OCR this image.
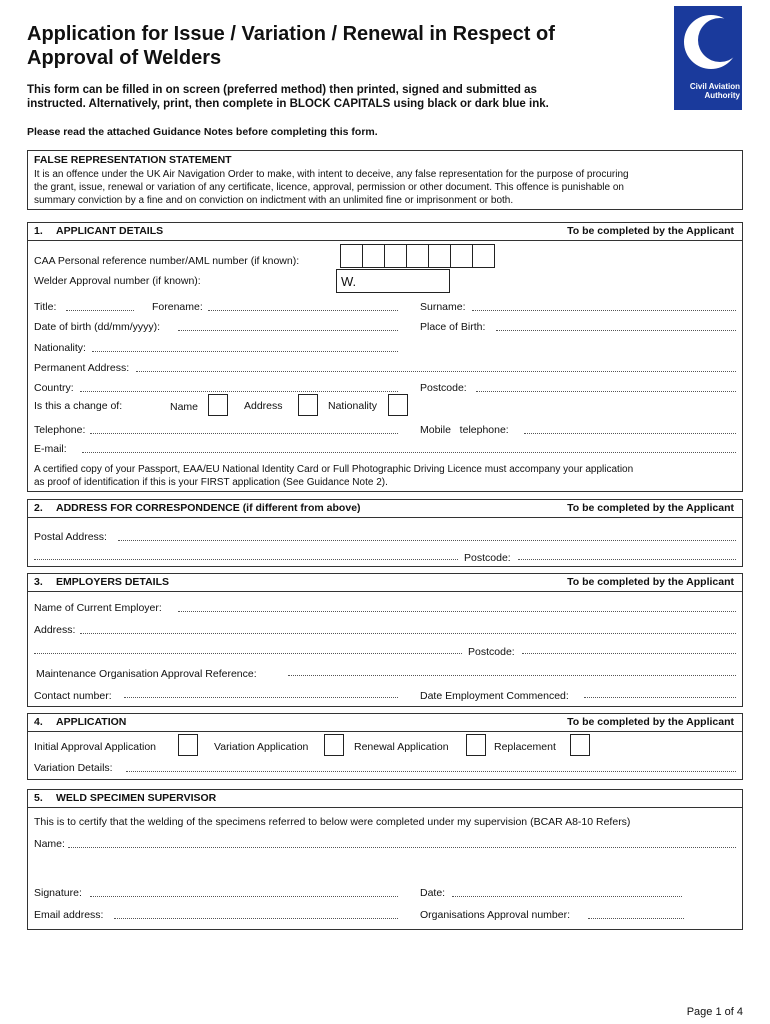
Application for Issue / Variation / Renewal in Respect of
Approval of Welders
Civil Aviation
Authority
This form can be filled in on screen (preferred method) then printed, signed and submitted as
instructed. Alternatively, print, then complete in BLOCK CAPITALS using black or dark blue ink.
Please read the attached Guidance Notes before completing this form.
FALSE REPRESENTATION STATEMENT
It is an offence under the UK Air Navigation Order to make, with intent to deceive, any false representation for the purpose of procuring
the grant, issue, renewal or variation of any certificate, licence, approval, permission or other document. This offence is punishable on
summary conviction by a fine and on conviction on indictment with an unlimited fine or imprisonment or both.
1. APPLICANT DETAILS	To be completed by the Applicant
CAA Personal reference number/AML number (if known):
Welder Approval number (if known):	W.
Title:	Forename:	Surname:
Date of birth (dd/mm/yyyy):	Place of Birth:
Nationality:
Permanent Address:
Country:	Postcode:
Is this a change of:	Name	Address	Nationality
Telephone:	Mobile   telephone:
E-mail:
A certified copy of your Passport, EAA/EU National Identity Card or Full Photographic Driving Licence must accompany your application
as proof of identification if this is your FIRST application (See Guidance Note 2).
2. ADDRESS FOR CORRESPONDENCE (if different from above)	To be completed by the Applicant
Postal Address:
Postcode:
3. EMPLOYERS DETAILS	To be completed by the Applicant
Name of Current Employer:
Address:
Postcode:
Maintenance Organisation Approval Reference:
Contact number:	Date Employment Commenced:
4. APPLICATION	To be completed by the Applicant
Initial Approval Application	Variation Application	Renewal Application	Replacement
Variation Details:
5. WELD SPECIMEN SUPERVISOR
This is to certify that the welding of the specimens referred to below were completed under my supervision (BCAR A8-10 Refers)
Name:
Signature:	Date:
Email address:	Organisations Approval number:
Page 1 of 4
